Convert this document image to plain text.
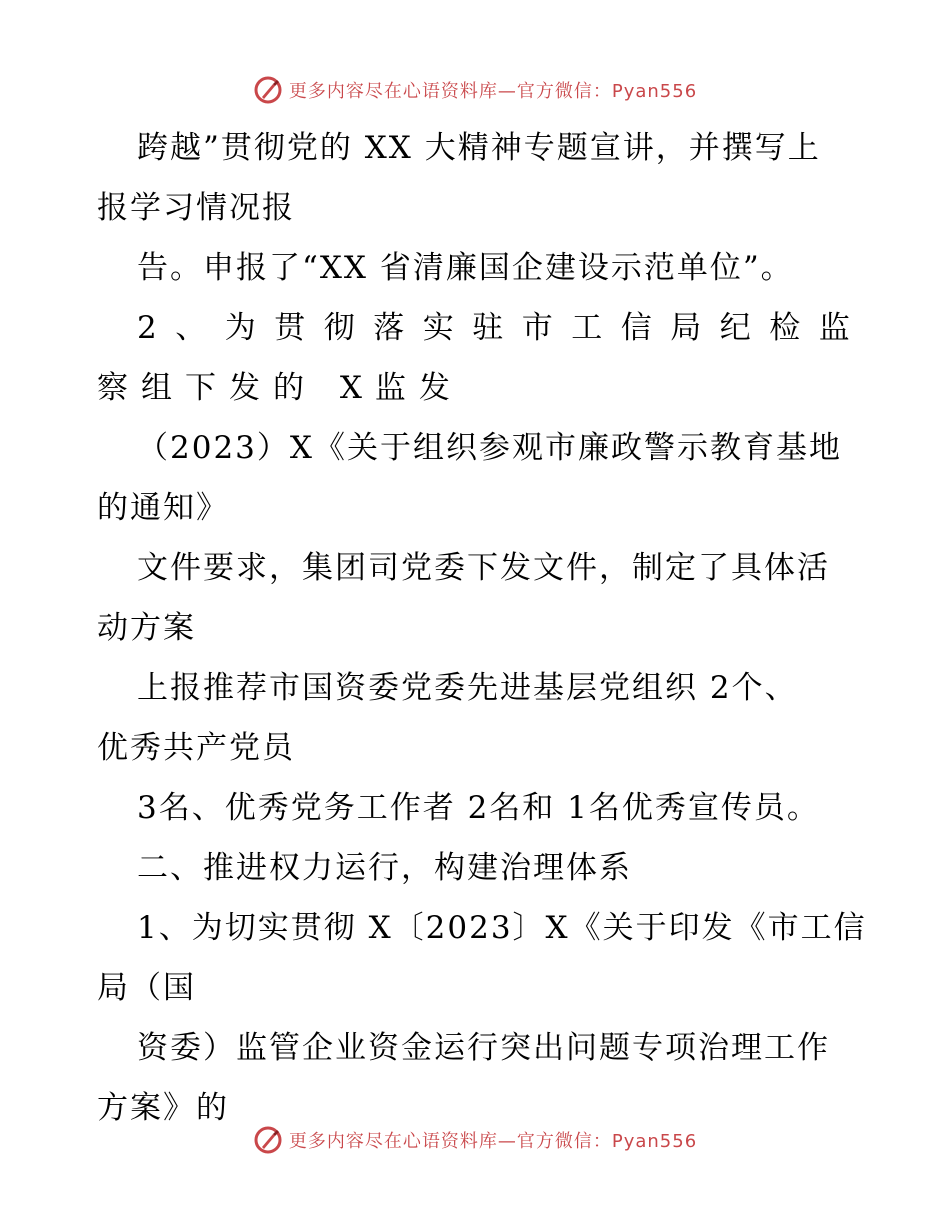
更多内容尽在心语资料库—官方微信：Pyan556
跨越”贯彻党的 XX 大精神专题宣讲，并撰写上
报学习情况报
告。申报了“XX 省清廉国企建设示范单位”。
2、为贯彻落实驻市工信局纪检监
察组下发的 X监发
（2023）X《关于组织参观市廉政警示教育基地
的通知》
文件要求，集团司党委下发文件，制定了具体活
动方案
上报推荐市国资委党委先进基层党组织 2个、
优秀共产党员
3名、优秀党务工作者 2名和 1名优秀宣传员。
二、推进权力运行，构建治理体系
1、为切实贯彻 X〔2023〕X《关于印发《市工信
局（国
资委）监管企业资金运行突出问题专项治理工作
方案》的
更多内容尽在心语资料库—官方微信：Pyan556
